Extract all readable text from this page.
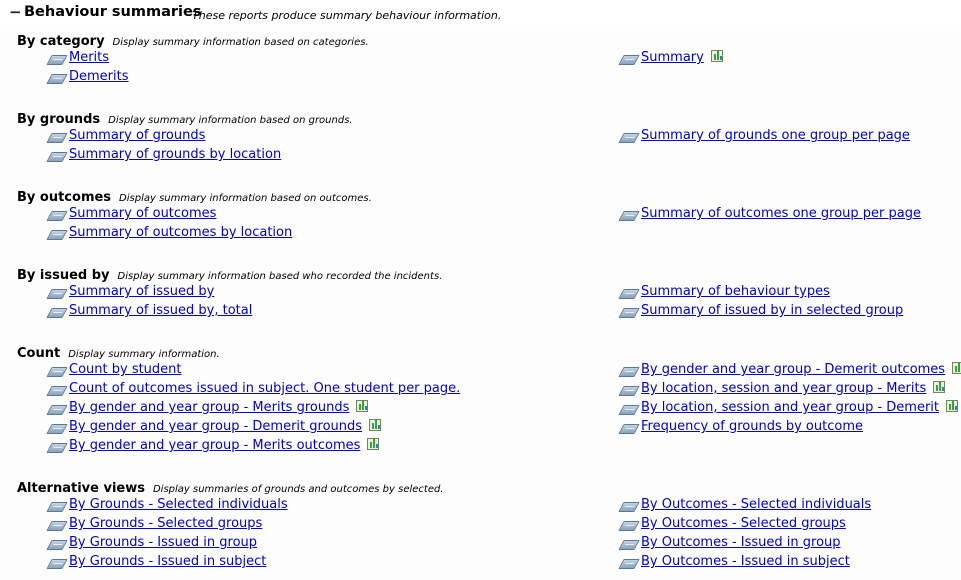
− Behaviour summaries
These reports produce summary behaviour information.
By category Display summary information based on categories.
Merits
Demerits
Summary
By grounds Display summary information based on grounds.
Summary of grounds
Summary of grounds by location
Summary of grounds one group per page
By outcomes Display summary information based on outcomes.
Summary of outcomes
Summary of outcomes by location
Summary of outcomes one group per page
By issued by Display summary information based who recorded the incidents.
Summary of issued by
Summary of issued by, total
Summary of behaviour types
Summary of issued by in selected group
Count Display summary information.
Count by student
Count of outcomes issued in subject. One student per page.
By gender and year group - Merits grounds
By gender and year group - Demerit grounds
By gender and year group - Merits outcomes
By gender and year group - Demerit outcomes
By location, session and year group - Merits
By location, session and year group - Demerit
Frequency of grounds by outcome
Alternative views Display summaries of grounds and outcomes by selected.
By Grounds - Selected individuals
By Grounds - Selected groups
By Grounds - Issued in group
By Grounds - Issued in subject
By Outcomes - Selected individuals
By Outcomes - Selected groups
By Outcomes - Issued in group
By Outcomes - Issued in subject
